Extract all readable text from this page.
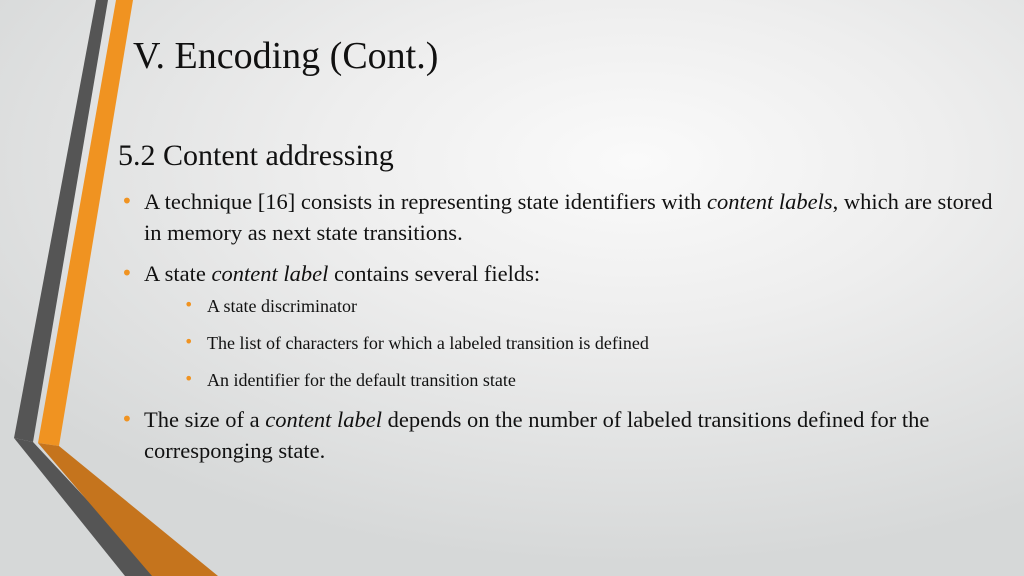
V. Encoding (Cont.)
5.2 Content addressing
• A technique [16] consists in representing state identifiers with content labels, which are stored in memory as next state transitions.
• A state content label contains several fields:
• A state discriminator
• The list of characters for which a labeled transition is defined
• An identifier for the default transition state
• The size of a content label depends on the number of labeled transitions defined for the corresponging state.
